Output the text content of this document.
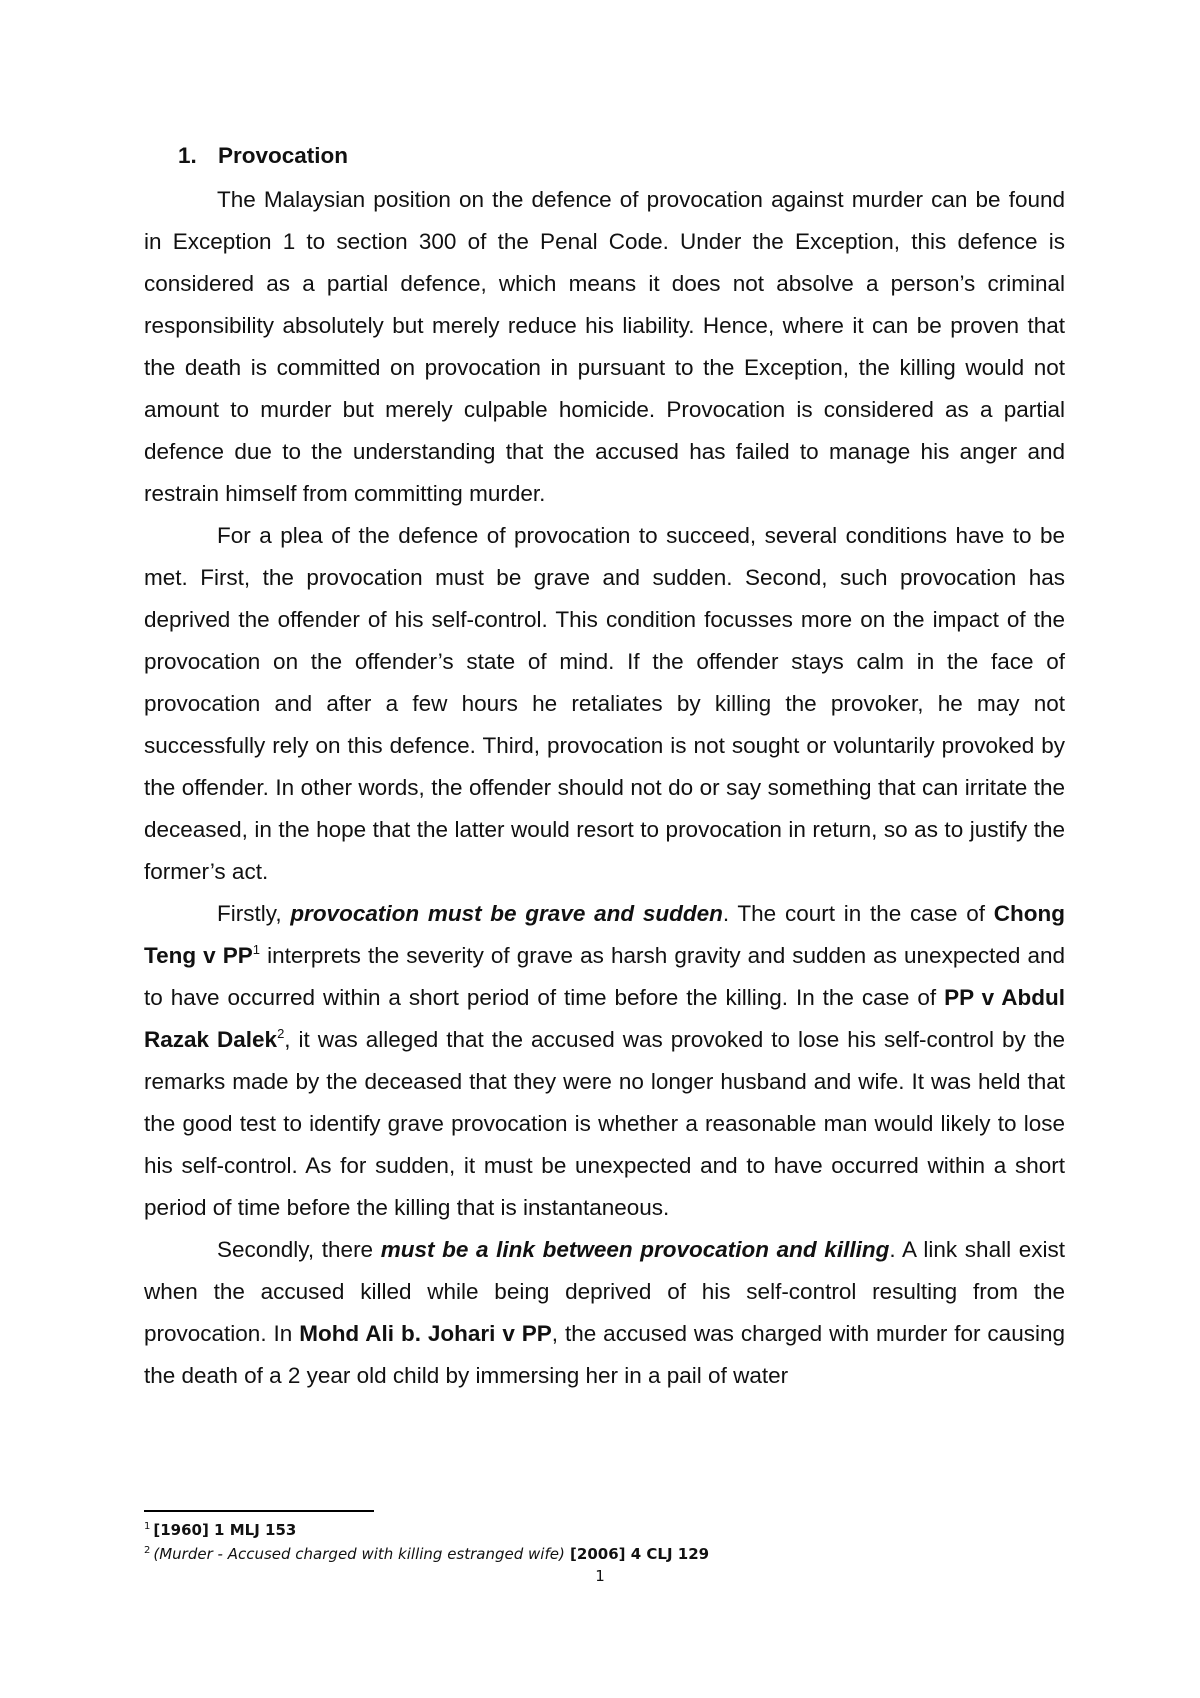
1. Provocation

The Malaysian position on the defence of provocation against murder can be found in Exception 1 to section 300 of the Penal Code. Under the Exception, this defence is considered as a partial defence, which means it does not absolve a person’s criminal responsibility absolutely but merely reduce his liability. Hence, where it can be proven that the death is committed on provocation in pursuant to the Exception, the killing would not amount to murder but merely culpable homicide. Provocation is considered as a partial defence due to the understanding that the accused has failed to manage his anger and restrain himself from committing murder.

For a plea of the defence of provocation to succeed, several conditions have to be met. First, the provocation must be grave and sudden. Second, such provocation has deprived the offender of his self-control. This condition focusses more on the impact of the provocation on the offender’s state of mind. If the offender stays calm in the face of provocation and after a few hours he retaliates by killing the provoker, he may not successfully rely on this defence. Third, provocation is not sought or voluntarily provoked by the offender. In other words, the offender should not do or say something that can irritate the deceased, in the hope that the latter would resort to provocation in return, so as to justify the former’s act.

Firstly, provocation must be grave and sudden. The court in the case of Chong Teng v $PP^1$ interprets the severity of grave as harsh gravity and sudden as unexpected and to have occurred within a short period of time before the killing. In the case of PP v Abdul Razak Dalek$^2$, it was alleged that the accused was provoked to lose his self-control by the remarks made by the deceased that they were no longer husband and wife. It was held that the good test to identify grave provocation is whether a reasonable man would likely to lose his self-control. As for sudden, it must be unexpected and to have occurred within a short period of time before the killing that is instantaneous.

Secondly, there must be a link between provocation and killing. A link shall exist when the accused killed while being deprived of his self-control resulting from the provocation. In Mohd Ali b. Johari v PP, the accused was charged with murder for causing the death of a 2 year old child by immersing her in a pail of water

$^1$ [1960] 1 MLJ 153
$^2$ (Murder - Accused charged with killing estranged wife) [2006] 4 CLJ 129
1
